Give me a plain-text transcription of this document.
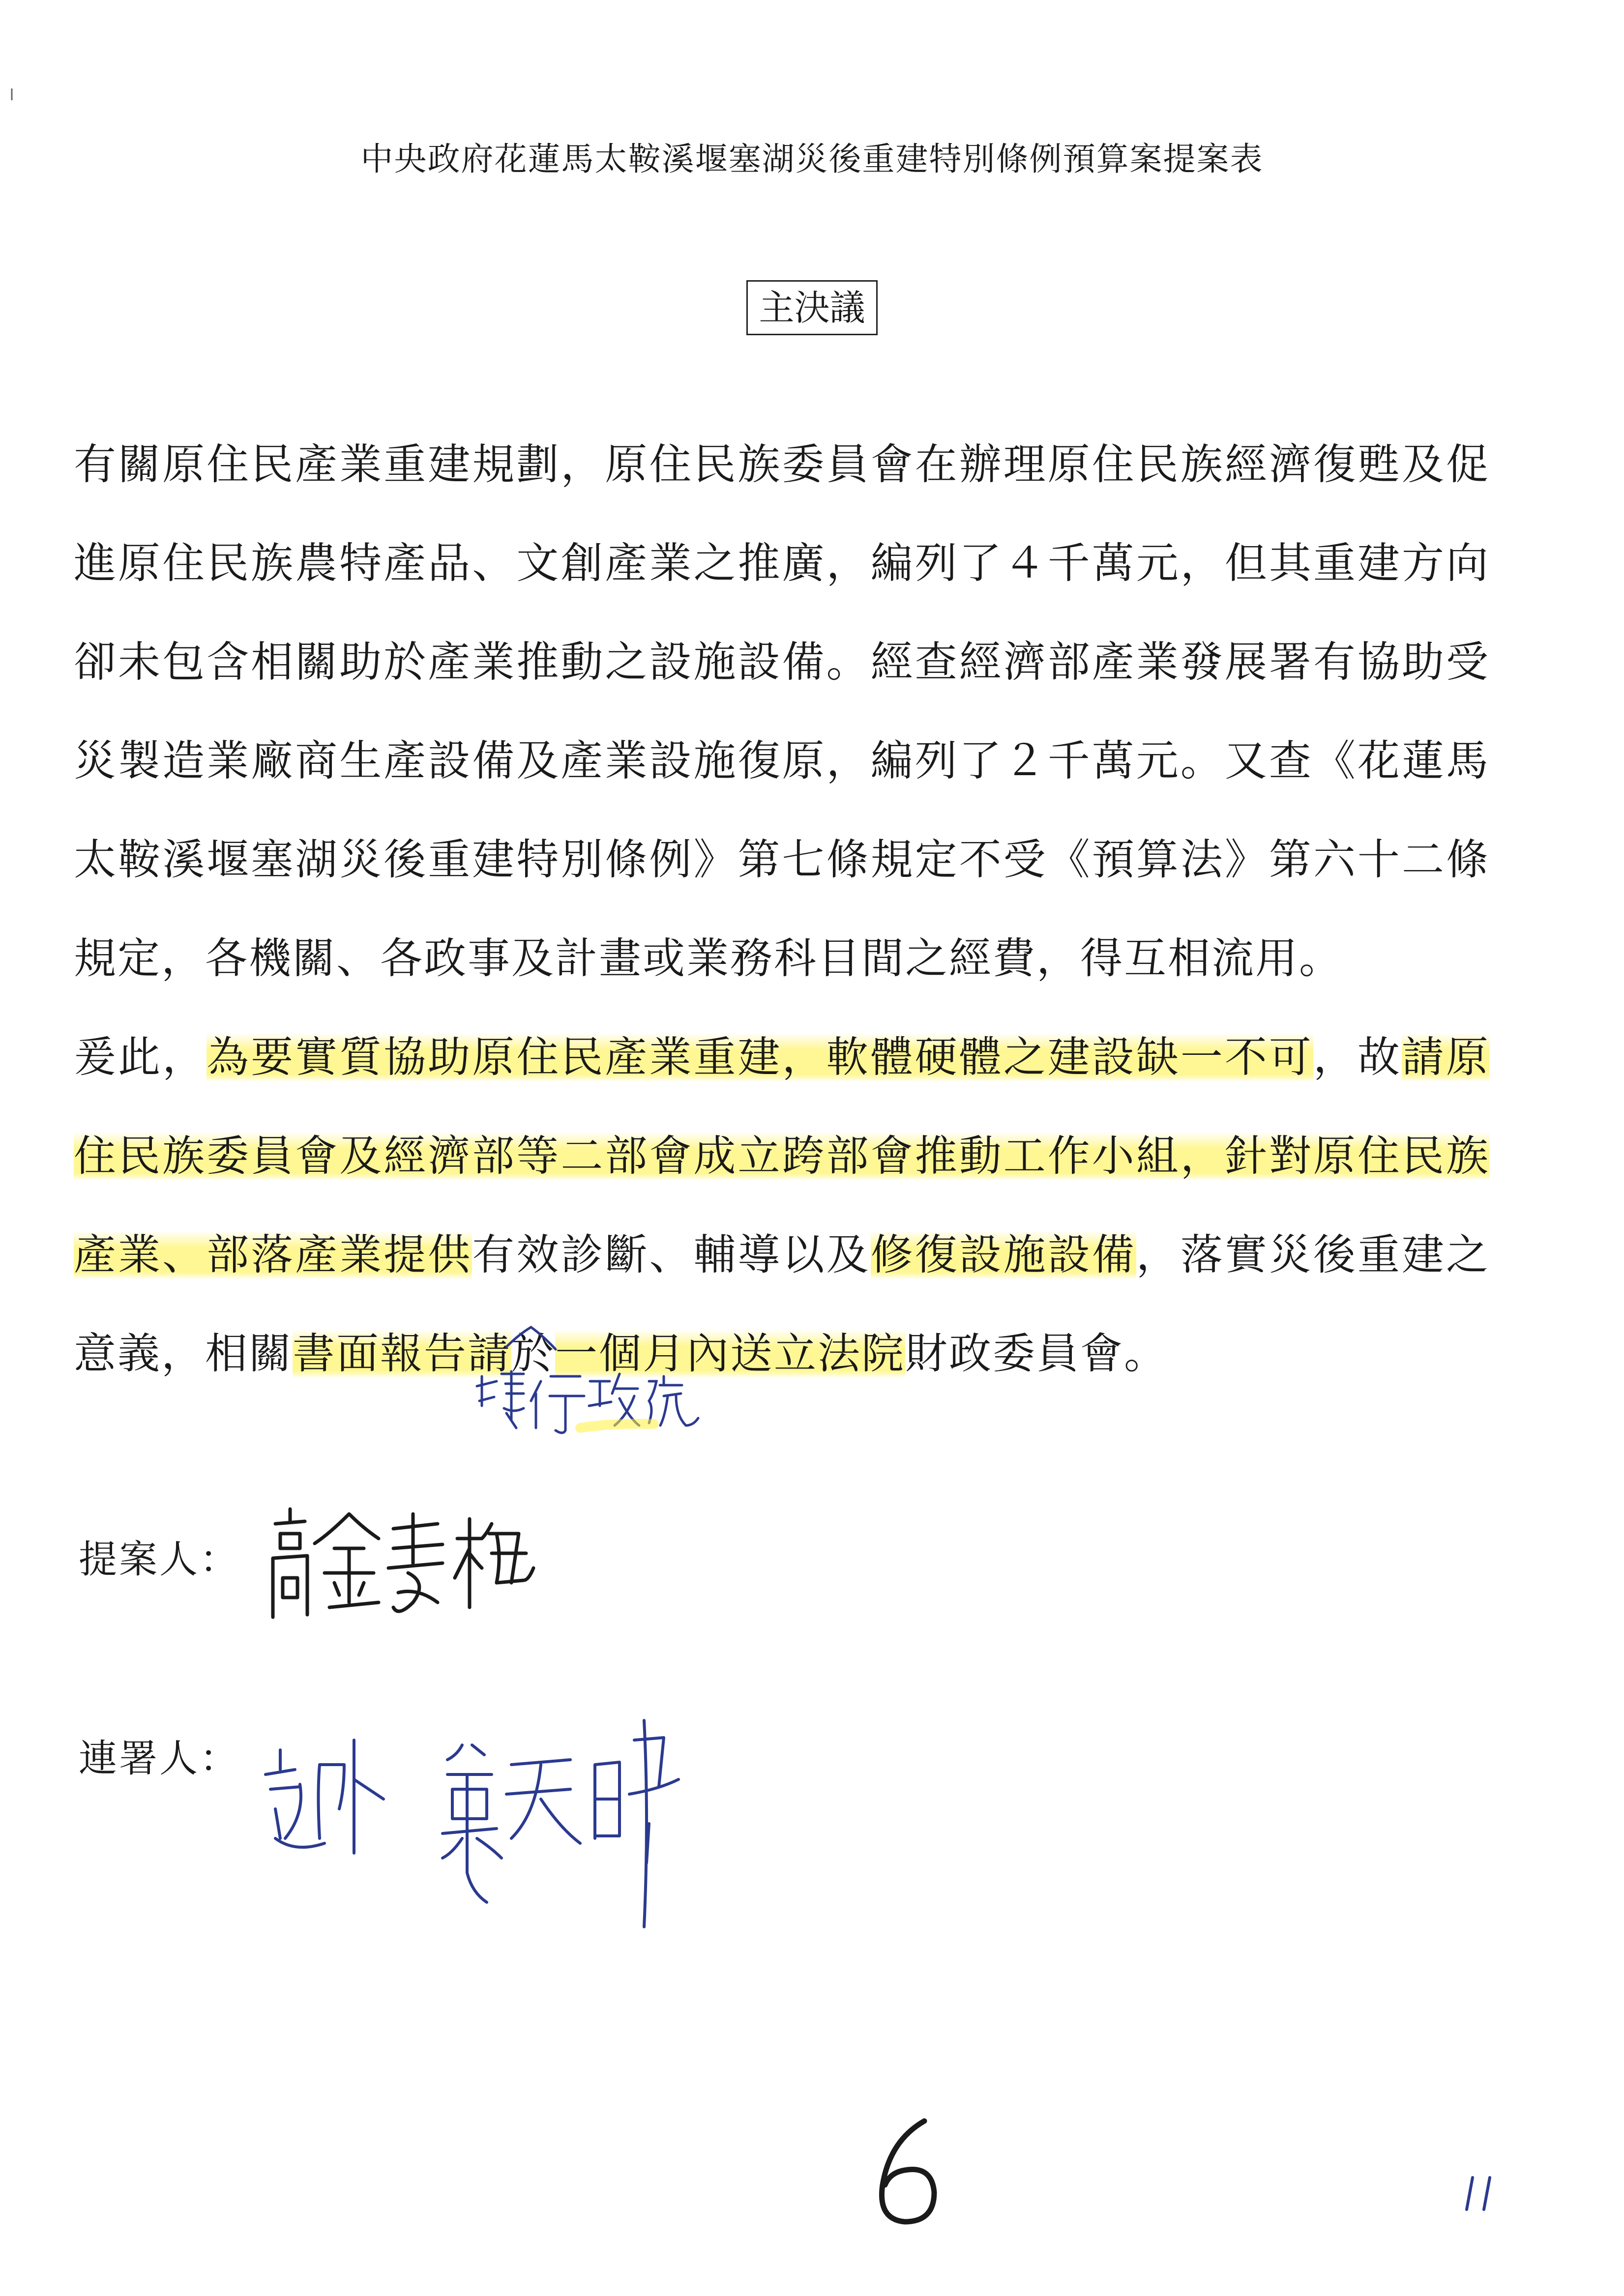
中央政府花蓮馬太鞍溪堰塞湖災後重建特別條例預算案提案表
主決議

有關原住民產業重建規劃，原住民族委員會在辦理原住民族經濟復甦及促進原住民族農特產品、文創產業之推廣，編列了４千萬元，但其重建方向卻未包含相關助於產業推動之設施設備。經查經濟部產業發展署有協助受災製造業廠商生產設備及產業設施復原，編列了２千萬元。又查《花蓮馬太鞍溪堰塞湖災後重建特別條例》第七條規定不受《預算法》第六十二條規定，各機關、各政事及計畫或業務科目間之經費，得互相流用。

爰此，為要實質協助原住民產業重建，軟體硬體之建設缺一不可，故請原住民族委員會及經濟部等二部會成立跨部會推動工作小組，針對原住民族產業、部落產業提供有效診斷、輔導以及修復設施設備，落實災後重建之意義，相關書面報告請於一個月內送立法院財政委員會。

提案人：
連署人：
